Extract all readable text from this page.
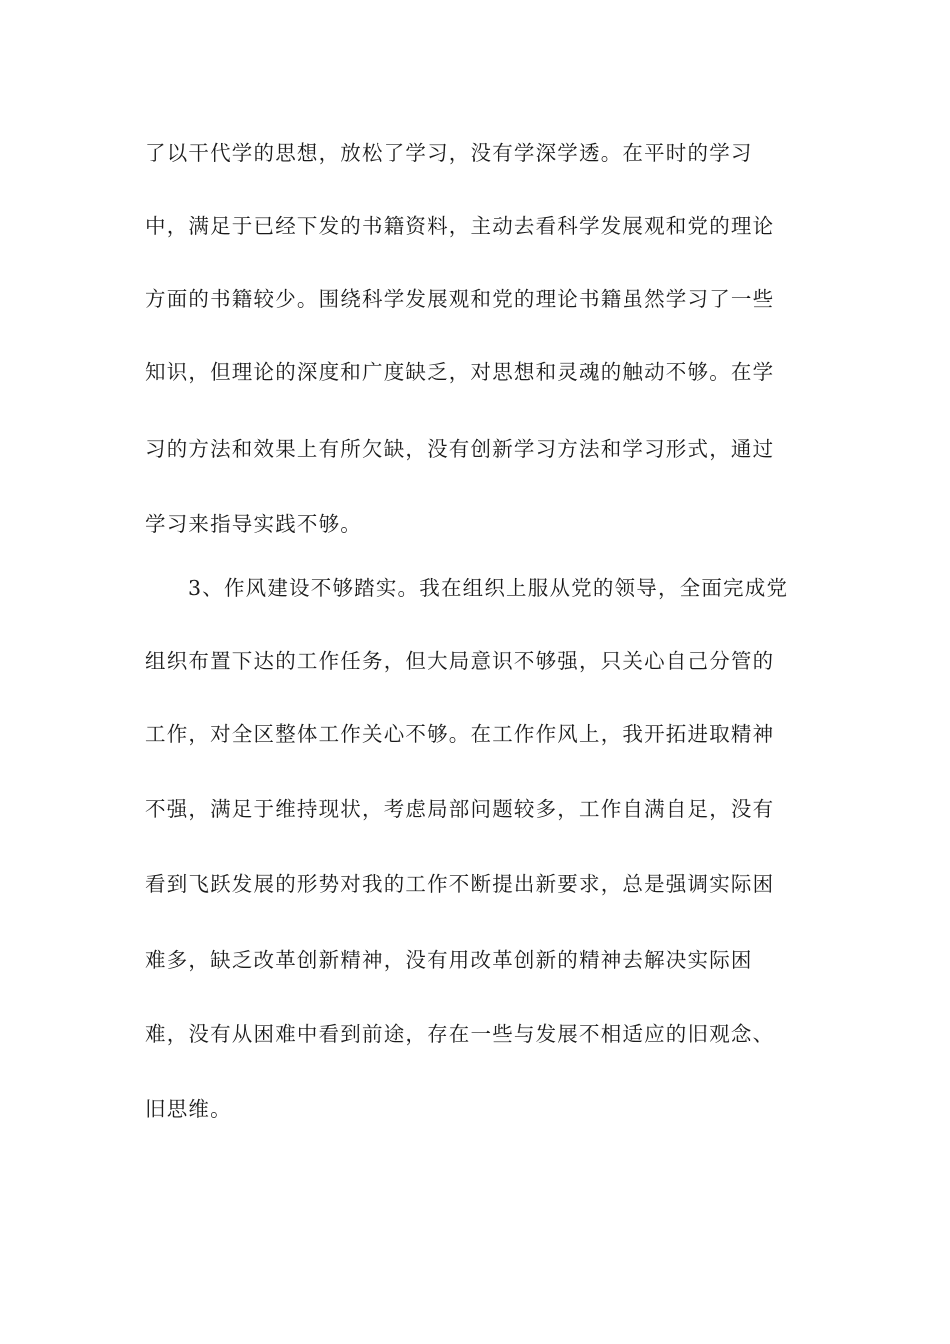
了以干代学的思想，放松了学习，没有学深学透。在平时的学习
中，满足于已经下发的书籍资料，主动去看科学发展观和党的理论
方面的书籍较少。围绕科学发展观和党的理论书籍虽然学习了一些
知识，但理论的深度和广度缺乏，对思想和灵魂的触动不够。在学
习的方法和效果上有所欠缺，没有创新学习方法和学习形式，通过
学习来指导实践不够。
3、作风建设不够踏实。我在组织上服从党的领导，全面完成党
组织布置下达的工作任务，但大局意识不够强，只关心自己分管的
工作，对全区整体工作关心不够。在工作作风上，我开拓进取精神
不强，满足于维持现状，考虑局部问题较多，工作自满自足，没有
看到飞跃发展的形势对我的工作不断提出新要求，总是强调实际困
难多，缺乏改革创新精神，没有用改革创新的精神去解决实际困
难，没有从困难中看到前途，存在一些与发展不相适应的旧观念、
旧思维。
